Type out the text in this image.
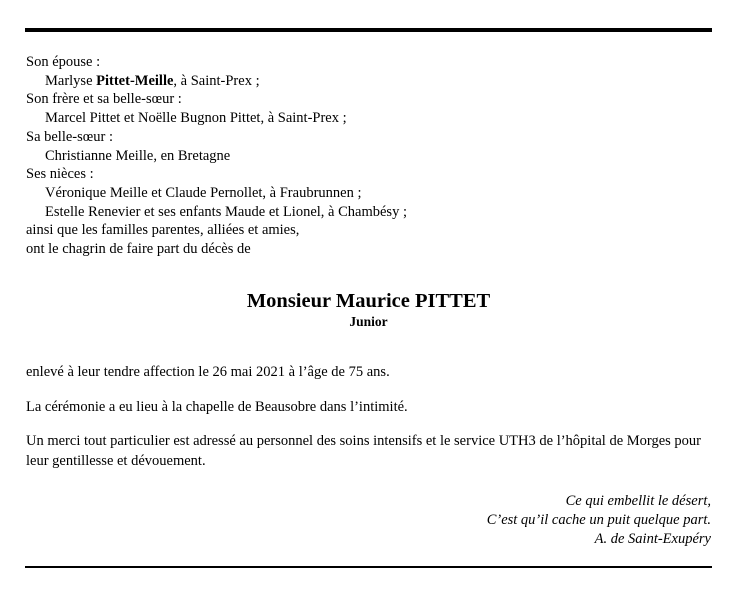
Son épouse :
Marlyse Pittet-Meille, à Saint-Prex ;
Son frère et sa belle-sœur :
Marcel Pittet et Noëlle Bugnon Pittet, à Saint-Prex ;
Sa belle-sœur :
Christianne Meille, en Bretagne
Ses nièces :
Véronique Meille et Claude Pernollet, à Fraubrunnen ;
Estelle Renevier et ses enfants Maude et Lionel, à Chambésy ;
ainsi que les familles parentes, alliées et amies,
ont le chagrin de faire part du décès de
Monsieur Maurice PITTET
Junior
enlevé à leur tendre affection le 26 mai 2021 à l’âge de 75 ans.
La cérémonie a eu lieu à la chapelle de Beausobre dans l’intimité.
Un merci tout particulier est adressé au personnel des soins intensifs et le service UTH3 de l’hôpital de Morges pour leur gentillesse et dévouement.
Ce qui embellit le désert,
C’est qu’il cache un puit quelque part.
A. de Saint-Exupéry
